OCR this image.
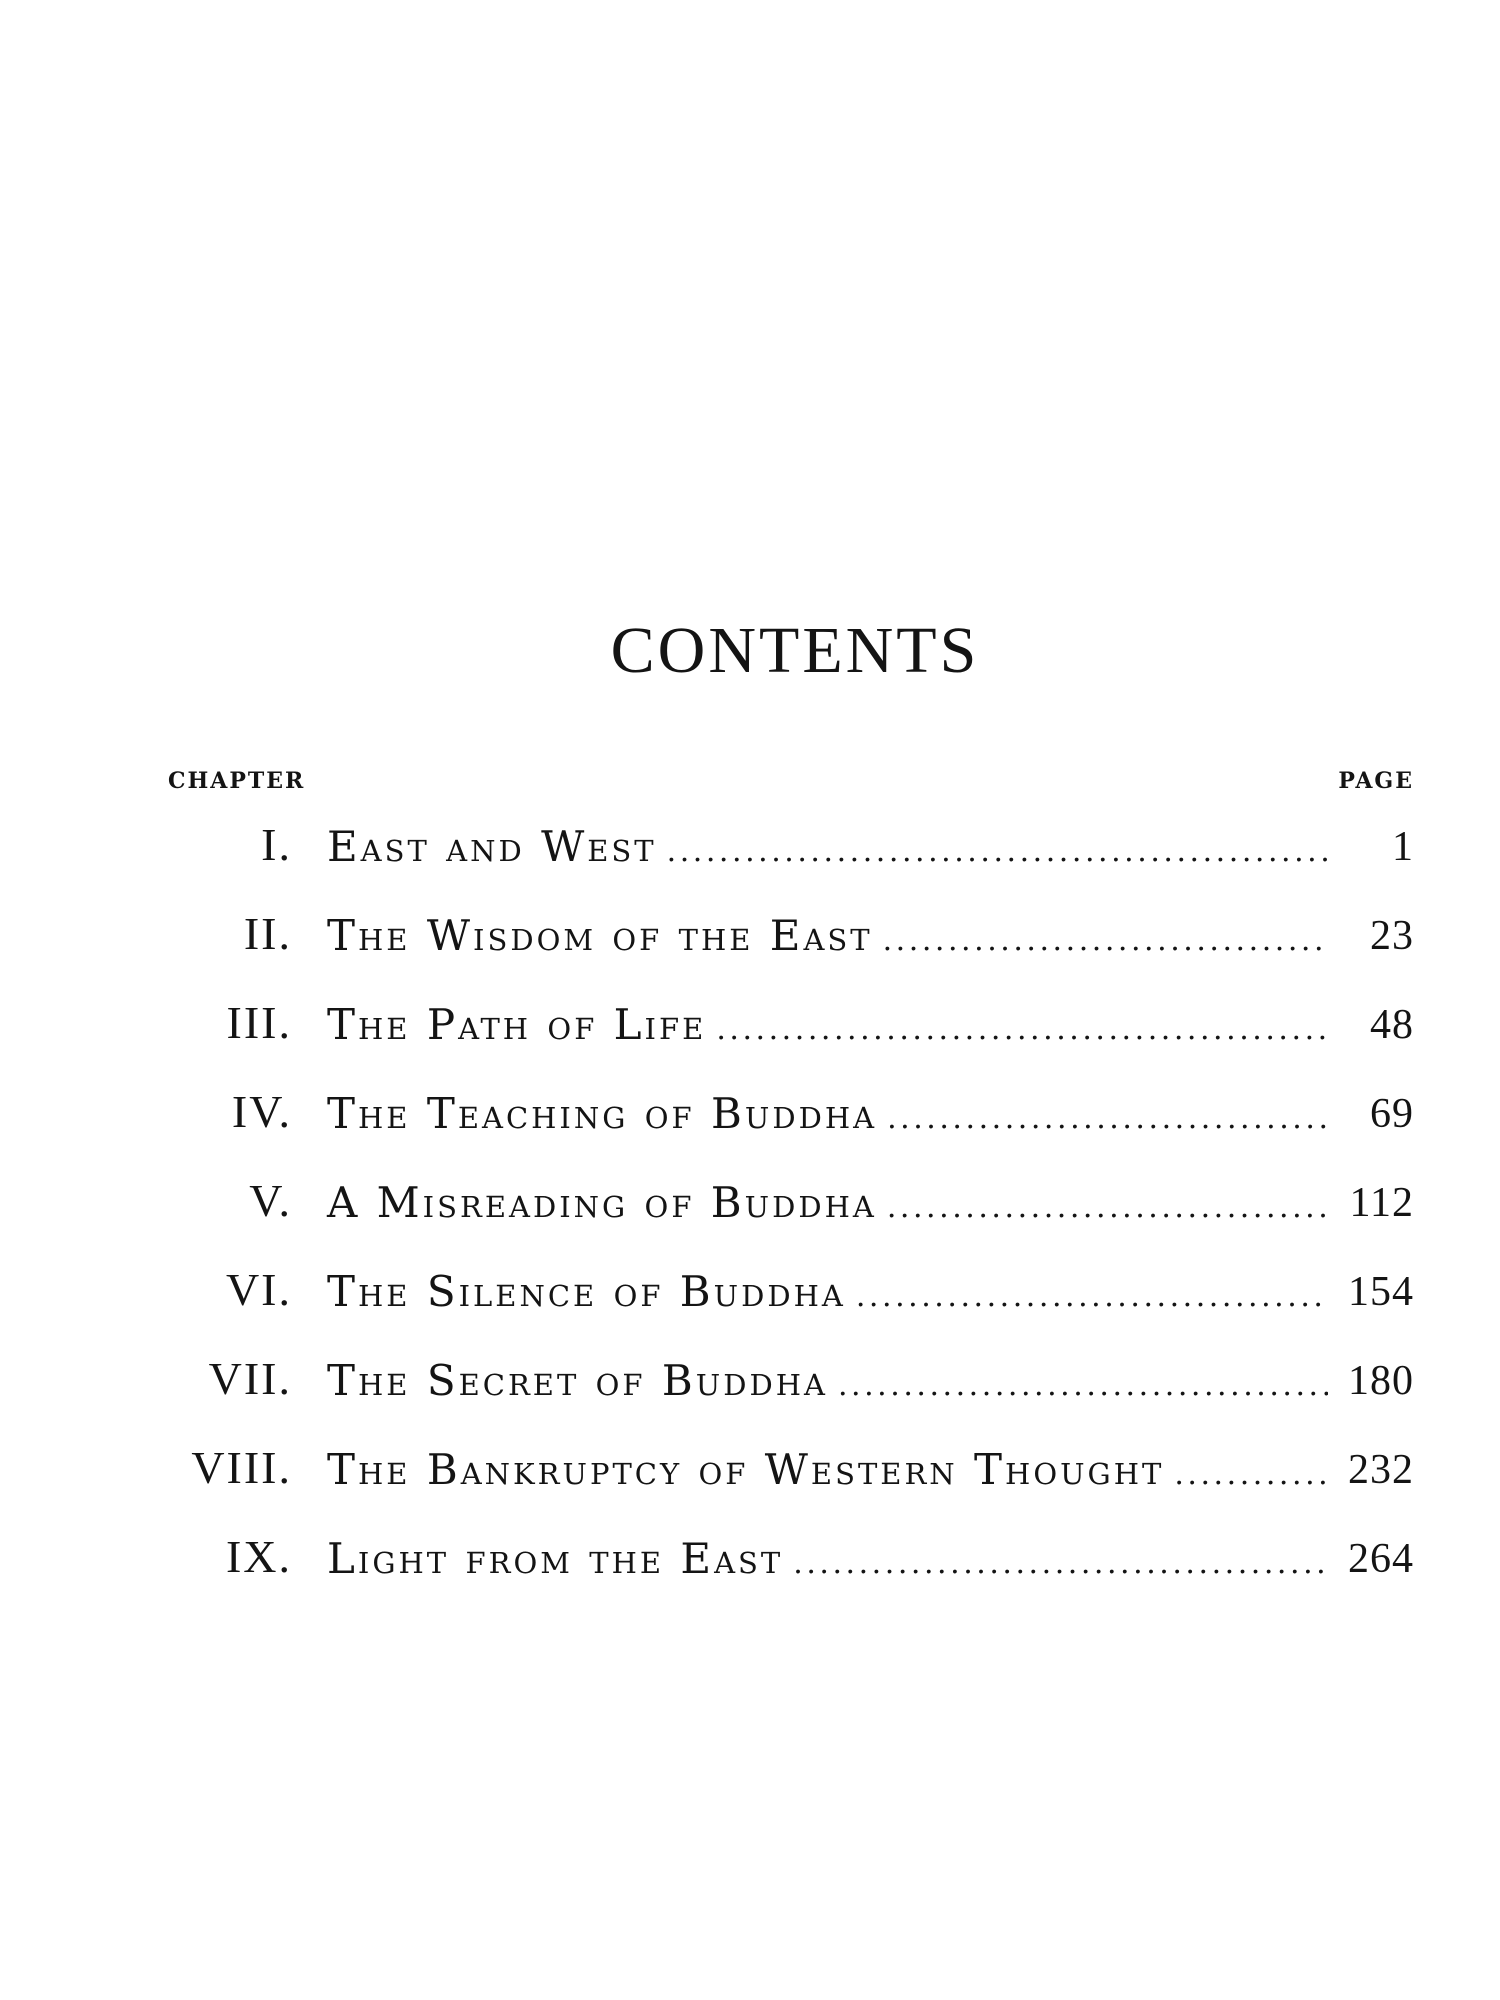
CONTENTS
CHAPTER	PAGE
I. East and West . . .	1
II. The Wisdom of the East . . .	23
III. The Path of Life . . .	48
IV. The Teaching of Buddha . . .	69
V. A Misreading of Buddha . . .	112
VI. The Silence of Buddha . . .	154
VII. The Secret of Buddha . . .	180
VIII. The Bankruptcy of Western Thought . . .	232
IX. Light from the East . . .	264
